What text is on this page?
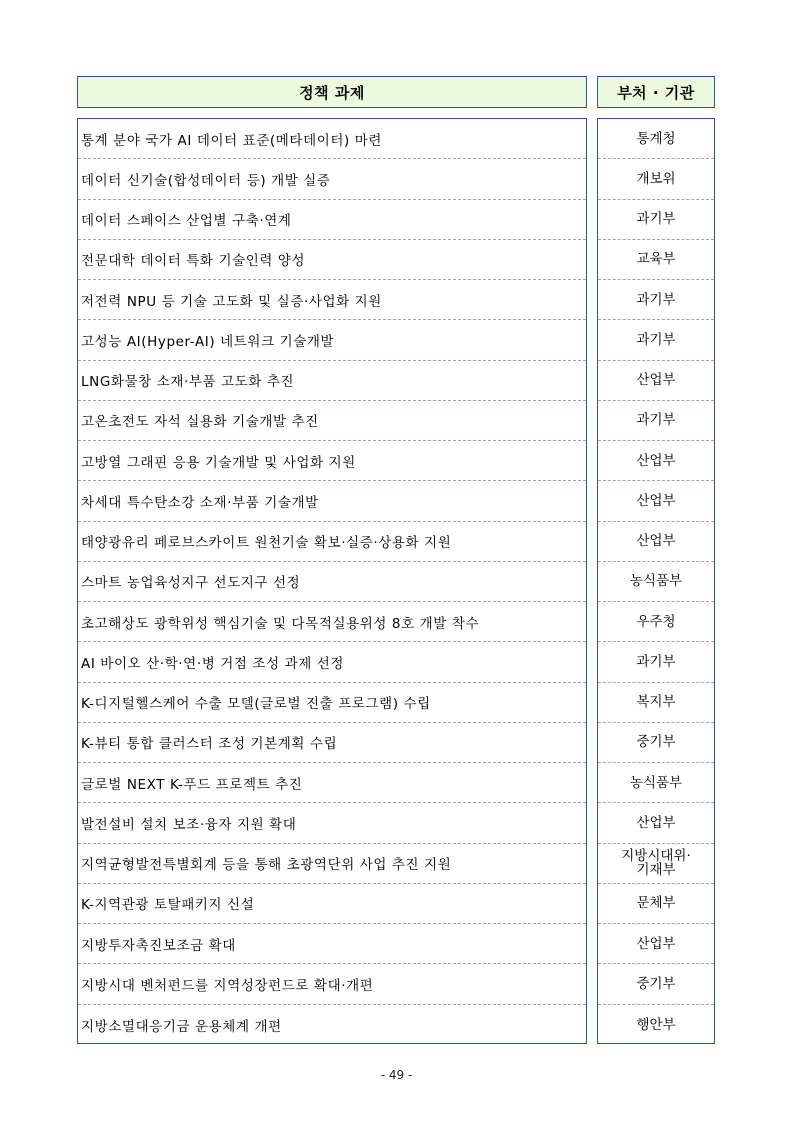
정책 과제	부처 · 기관
통계 분야 국가 AI 데이터 표준(메타데이터) 마련
데이터 신기술(합성데이터 등) 개발 실증
데이터 스페이스 산업별 구축·연계
전문대학 데이터 특화 기술인력 양성
저전력 NPU 등 기술 고도화 및 실증·사업화 지원
고성능 AI(Hyper-AI) 네트워크 기술개발
LNG화물창 소재·부품 고도화 추진
고온초전도 자석 실용화 기술개발 추진
고방열 그래핀 응용 기술개발 및 사업화 지원
차세대 특수탄소강 소재·부품 기술개발
태양광유리 페로브스카이트 원천기술 확보·실증·상용화 지원
스마트 농업육성지구 선도지구 선정
초고해상도 광학위성 핵심기술 및 다목적실용위성 8호 개발 착수
AI 바이오 산·학·연·병 거점 조성 과제 선정
K-디지털헬스케어 수출 모델(글로벌 진출 프로그램) 수립
K-뷰티 통합 클러스터 조성 기본계획 수립
글로벌 NEXT K-푸드 프로젝트 추진
발전설비 설치 보조·융자 지원 확대
지역균형발전특별회계 등을 통해 초광역단위 사업 추진 지원
K-지역관광 토탈패키지 신설
지방투자촉진보조금 확대
지방시대 벤처펀드를 지역성장펀드로 확대·개편
지방소멸대응기금 운용체계 개편
통계청
개보위
과기부
교육부
과기부
과기부
산업부
과기부
산업부
산업부
산업부
농식품부
우주청
과기부
복지부
중기부
농식품부
산업부
지방시대위·
기재부
문체부
산업부
중기부
행안부
- 49 -
